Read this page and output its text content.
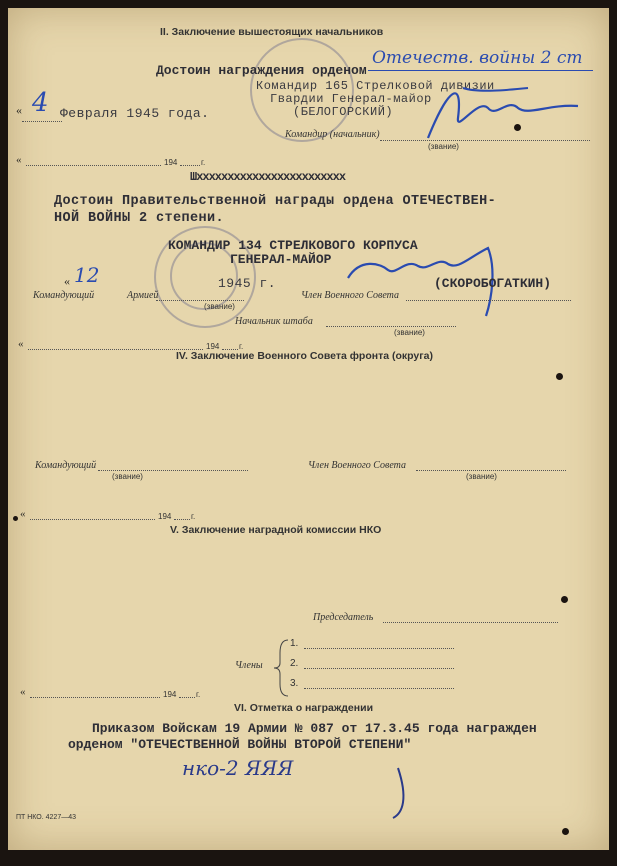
II. Заключение вышестоящих начальников
Достоин награждения орденом
Командир 165 Стрелковой дивизии
Гвардии Генерал-майор
(БЕЛОГОРСКИЙ)
Отечеств. войны 2 ст
« 4 Февраля 1945 года.
Командир (начальник)
(звание)
«	194	г.
Шxxxxxxxxxxxxxxxxxxxxxxxx
Достоин Правительственной награды ордена ОТЕЧЕСТВЕН-
НОЙ ВОЙНЫ 2 степени.
КОМАНДИР 134 СТРЕЛКОВОГО КОРПУСА
ГЕНЕРАЛ-МАЙОР
« 12	1945 г.	(СКОРОБОГАТКИН)
Командующий	Армией
(звание)
Член Военного Совета
Начальник штаба
(звание)
«	194 г.
IV. Заключение Военного Совета фронта (округа)
Командующий
(звание)
Член Военного Совета
(звание)
«	194 г.
V. Заключение наградной комиссии НКО
Председатель
Члены
1.
2.
3.
«	194 г.
VI. Отметка о награждении
Приказом Войскам 19 Армии № 087 от 17.3.45 года награжден
орденом "ОТЕЧЕСТВЕННОЙ ВОЙНЫ ВТОРОЙ СТЕПЕНИ"
нко-2 ЯЯЯ
ПТ НКО. 4227—43
